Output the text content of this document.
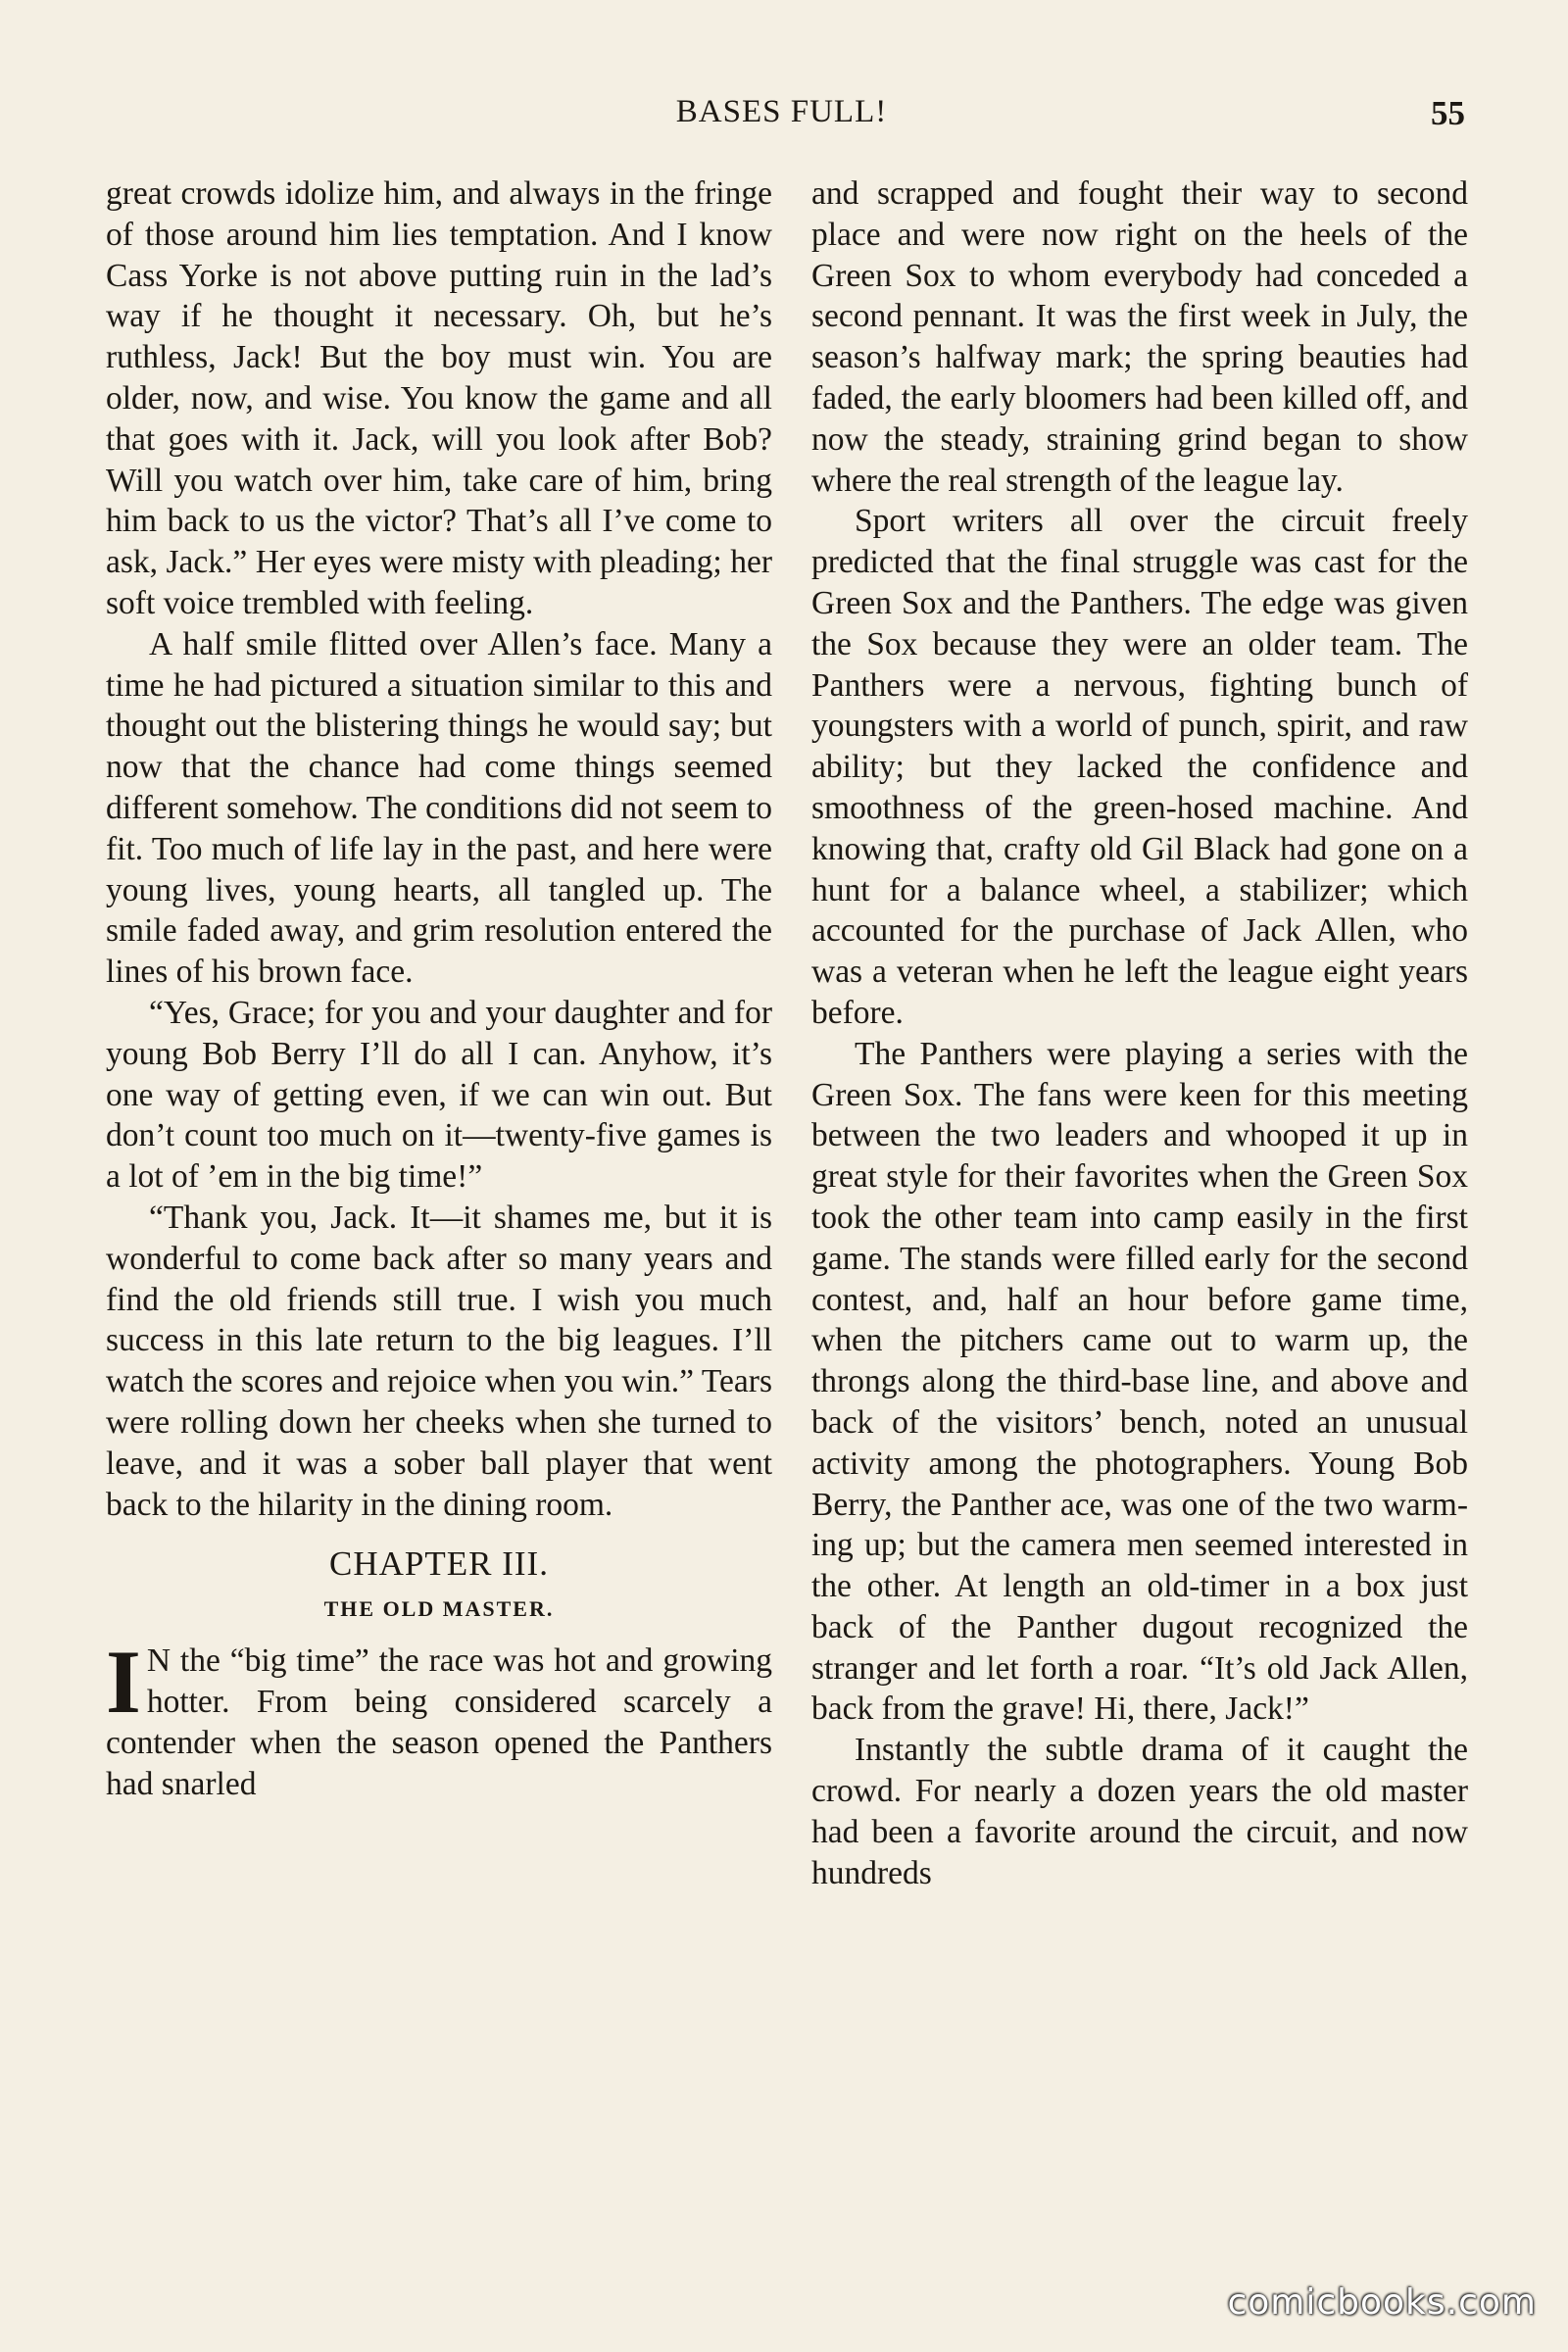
BASES FULL!	55

great crowds idolize him, and always in the fringe of those around him lies temptation. And I know Cass Yorke is not above putting ruin in the lad’s way if he thought it necessary. Oh, but he’s ruthless, Jack! But the boy must win. You are older, now, and wise. You know the game and all that goes with it. Jack, will you look after Bob? Will you watch over him, take care of him, bring him back to us the victor? That’s all I’ve come to ask, Jack.” Her eyes were misty with pleading; her soft voice trembled with feeling.

A half smile flitted over Allen’s face. Many a time he had pictured a situation similar to this and thought out the blistering things he would say; but now that the chance had come things seemed different somehow. The conditions did not seem to fit. Too much of life lay in the past, and here were young lives, young hearts, all tangled up. The smile faded away, and grim resolution entered the lines of his brown face.

“Yes, Grace; for you and your daughter and for young Bob Berry I’ll do all I can. Anyhow, it’s one way of getting even, if we can win out. But don’t count too much on it—twenty-five games is a lot of ’em in the big time!”

“Thank you, Jack. It—it shames me, but it is wonderful to come back after so many years and find the old friends still true. I wish you much success in this late return to the big leagues. I’ll watch the scores and rejoice when you win.” Tears were rolling down her cheeks when she turned to leave, and it was a sober ball player that went back to the hilarity in the dining room.

CHAPTER III.
THE OLD MASTER.

I N the “big time” the race was hot and growing hotter. From being considered scarcely a contender when the season opened the Panthers had snarled

and scrapped and fought their way to second place and were now right on the heels of the Green Sox to whom everybody had conceded a second pennant. It was the first week in July, the season’s halfway mark; the spring beauties had faded, the early bloomers had been killed off, and now the steady, straining grind began to show where the real strength of the league lay.

Sport writers all over the circuit freely predicted that the final struggle was cast for the Green Sox and the Panthers. The edge was given the Sox because they were an older team. The Panthers were a nervous, fighting bunch of youngsters with a world of punch, spirit, and raw ability; but they lacked the confidence and smoothness of the green-hosed machine. And knowing that, crafty old Gil Black had gone on a hunt for a balance wheel, a stabilizer; which accounted for the purchase of Jack Allen, who was a veteran when he left the league eight years before.

The Panthers were playing a series with the Green Sox. The fans were keen for this meeting between the two leaders and whooped it up in great style for their favorites when the Green Sox took the other team into camp easily in the first game. The stands were filled early for the second contest, and, half an hour before game time, when the pitchers came out to warm up, the throngs along the third-base line, and above and back of the visitors’ bench, noted an unusual activity among the photographers. Young Bob Berry, the Panther ace, was one of the two warming up; but the camera men seemed interested in the other. At length an old-timer in a box just back of the Panther dugout recognized the stranger and let forth a roar. “It’s old Jack Allen, back from the grave! Hi, there, Jack!”

Instantly the subtle drama of it caught the crowd. For nearly a dozen years the old master had been a favorite around the circuit, and now hundreds

comicbooks.com
